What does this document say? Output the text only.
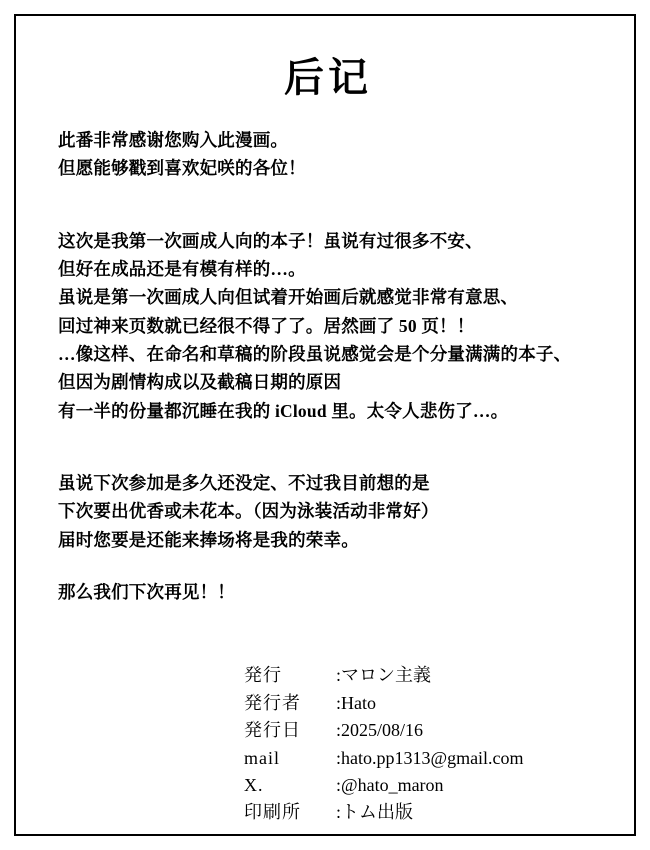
后记
此番非常感谢您购入此漫画。
但愿能够戳到喜欢妃咲的各位！
这次是我第一次画成人向的本子！虽说有过很多不安、
但好在成品还是有模有样的…。
虽说是第一次画成人向但试着开始画后就感觉非常有意思、
回过神来页数就已经很不得了了。居然画了 50 页！！
…像这样、在命名和草稿的阶段虽说感觉会是个分量满满的本子、
但因为剧情构成以及截稿日期的原因
有一半的份量都沉睡在我的 iCloud 里。太令人悲伤了…。
虽说下次参加是多久还没定、不过我目前想的是
下次要出优香或未花本。（因为泳装活动非常好）
届时您要是还能来捧场将是我的荣幸。
那么我们下次再见！！
発行	:マロン主義
発行者	:Hato
発行日	:2025/08/16
mail	:hato.pp1313@gmail.com
X.	:@hato_maron
印刷所	:トム出版
